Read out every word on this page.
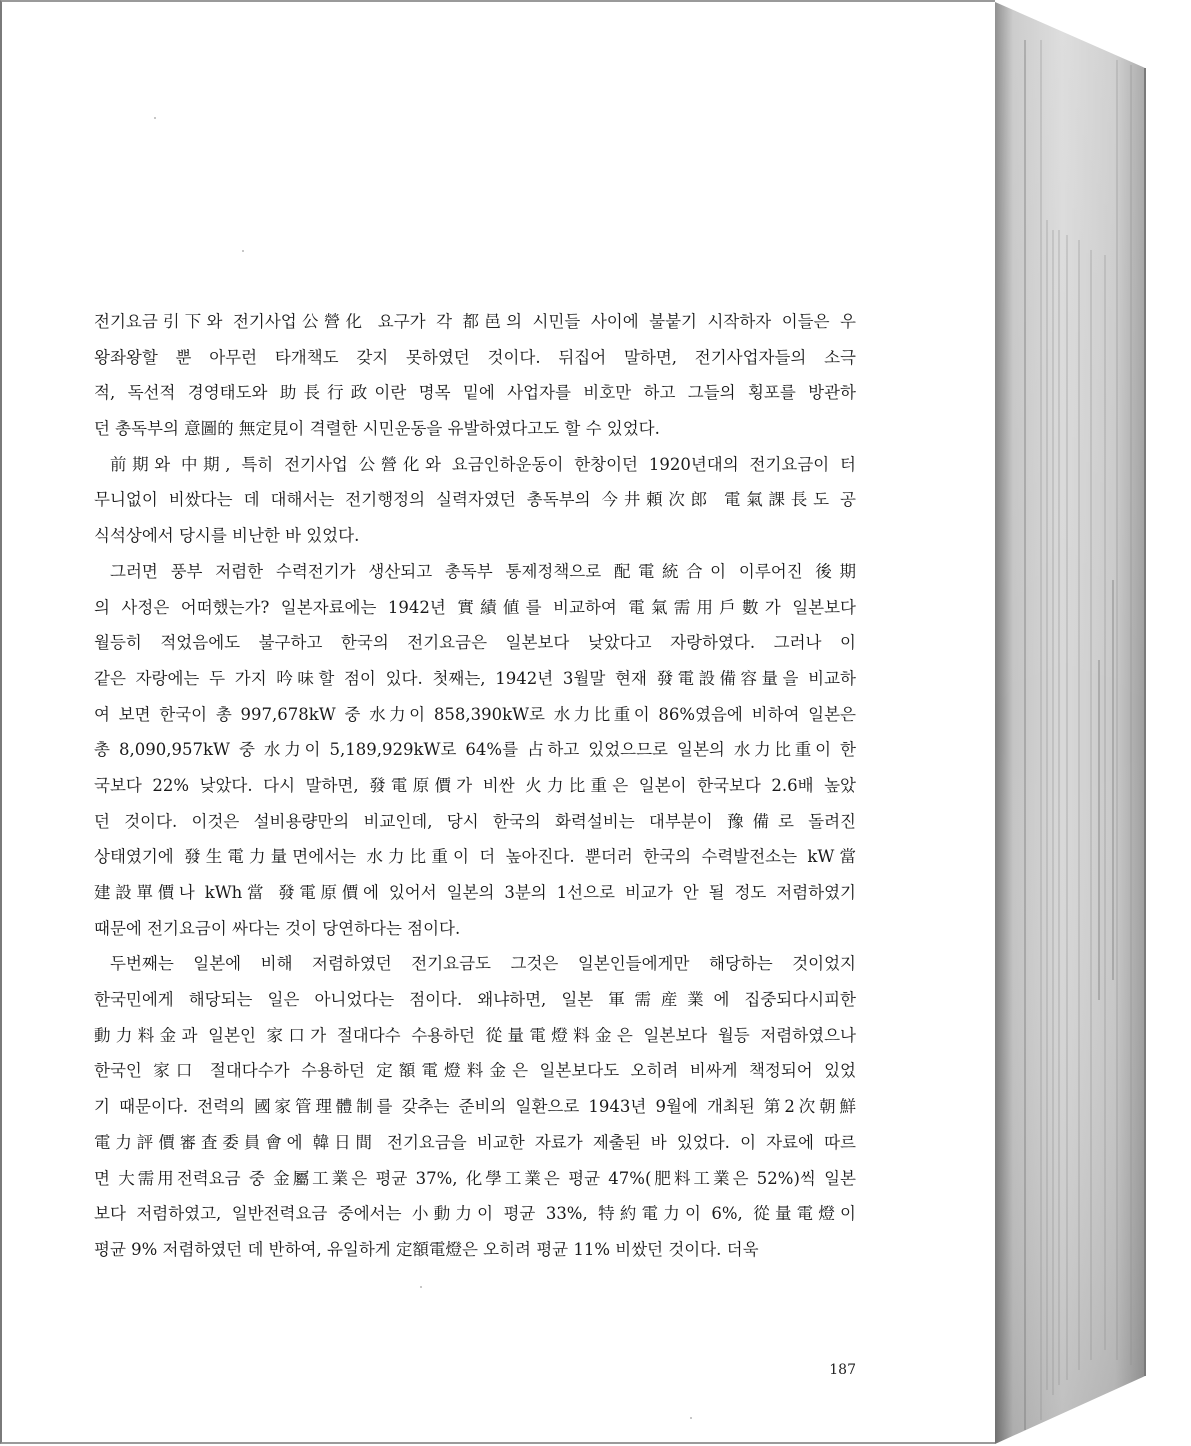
전기요금引下와 전기사업公營化 요구가 각 都邑의 시민들 사이에 불붙기 시작하자 이들은 우
왕좌왕할 뿐 아무런 타개책도 갖지 못하였던 것이다. 뒤집어 말하면, 전기사업자들의 소극
적, 독선적 경영태도와 助長行政이란 명목 밑에 사업자를 비호만 하고 그들의 횡포를 방관하
던 총독부의 意圖的 無定見이 격렬한 시민운동을 유발하였다고도 할 수 있었다.
前期와 中期, 특히 전기사업 公營化와 요금인하운동이 한창이던 1920년대의 전기요금이 터
무니없이 비쌌다는 데 대해서는 전기행정의 실력자였던 총독부의 今井頼次郎 電氣課長도 공
식석상에서 당시를 비난한 바 있었다.
그러면 풍부 저렴한 수력전기가 생산되고 총독부 통제정책으로 配電統合이 이루어진 後期
의 사정은 어떠했는가? 일본자료에는 1942년 實績値를 비교하여 電氣需用戶數가 일본보다
월등히 적었음에도 불구하고 한국의 전기요금은 일본보다 낮았다고 자랑하였다. 그러나 이
같은 자랑에는 두 가지 吟味할 점이 있다. 첫째는, 1942년 3월말 현재 發電設備容量을 비교하
여 보면 한국이 총 997,678kW 중 水力이 858,390kW로 水力比重이 86%였음에 비하여 일본은
총 8,090,957kW 중 水力이 5,189,929kW로 64%를 占하고 있었으므로 일본의 水力比重이 한
국보다 22% 낮았다. 다시 말하면, 發電原價가 비싼 火力比重은 일본이 한국보다 2.6배 높았
던 것이다. 이것은 설비용량만의 비교인데, 당시 한국의 화력설비는 대부분이 豫備로 돌려진
상태였기에 發生電力量면에서는 水力比重이 더 높아진다. 뿐더러 한국의 수력발전소는 kW當
建設單價나 kWh當 發電原價에 있어서 일본의 3분의 1선으로 비교가 안 될 정도 저렴하였기
때문에 전기요금이 싸다는 것이 당연하다는 점이다.
두번째는 일본에 비해 저렴하였던 전기요금도 그것은 일본인들에게만 해당하는 것이었지
한국민에게 해당되는 일은 아니었다는 점이다. 왜냐하면, 일본 軍需産業에 집중되다시피한
動力料金과 일본인 家口가 절대다수 수용하던 從量電燈料金은 일본보다 월등 저렴하였으나
한국인 家口 절대다수가 수용하던 定額電燈料金은 일본보다도 오히려 비싸게 책정되어 있었
기 때문이다. 전력의 國家管理體制를 갖추는 준비의 일환으로 1943년 9월에 개최된 第2次朝鮮
電力評價審査委員會에 韓日間 전기요금을 비교한 자료가 제출된 바 있었다. 이 자료에 따르
면 大需用전력요금 중 金屬工業은 평균 37%, 化學工業은 평균 47%(肥料工業은 52%)씩 일본
보다 저렴하였고, 일반전력요금 중에서는 小動力이 평균 33%, 特約電力이 6%, 從量電燈이
평균 9% 저렴하였던 데 반하여, 유일하게 定額電燈은 오히려 평균 11% 비쌌던 것이다. 더욱
187
